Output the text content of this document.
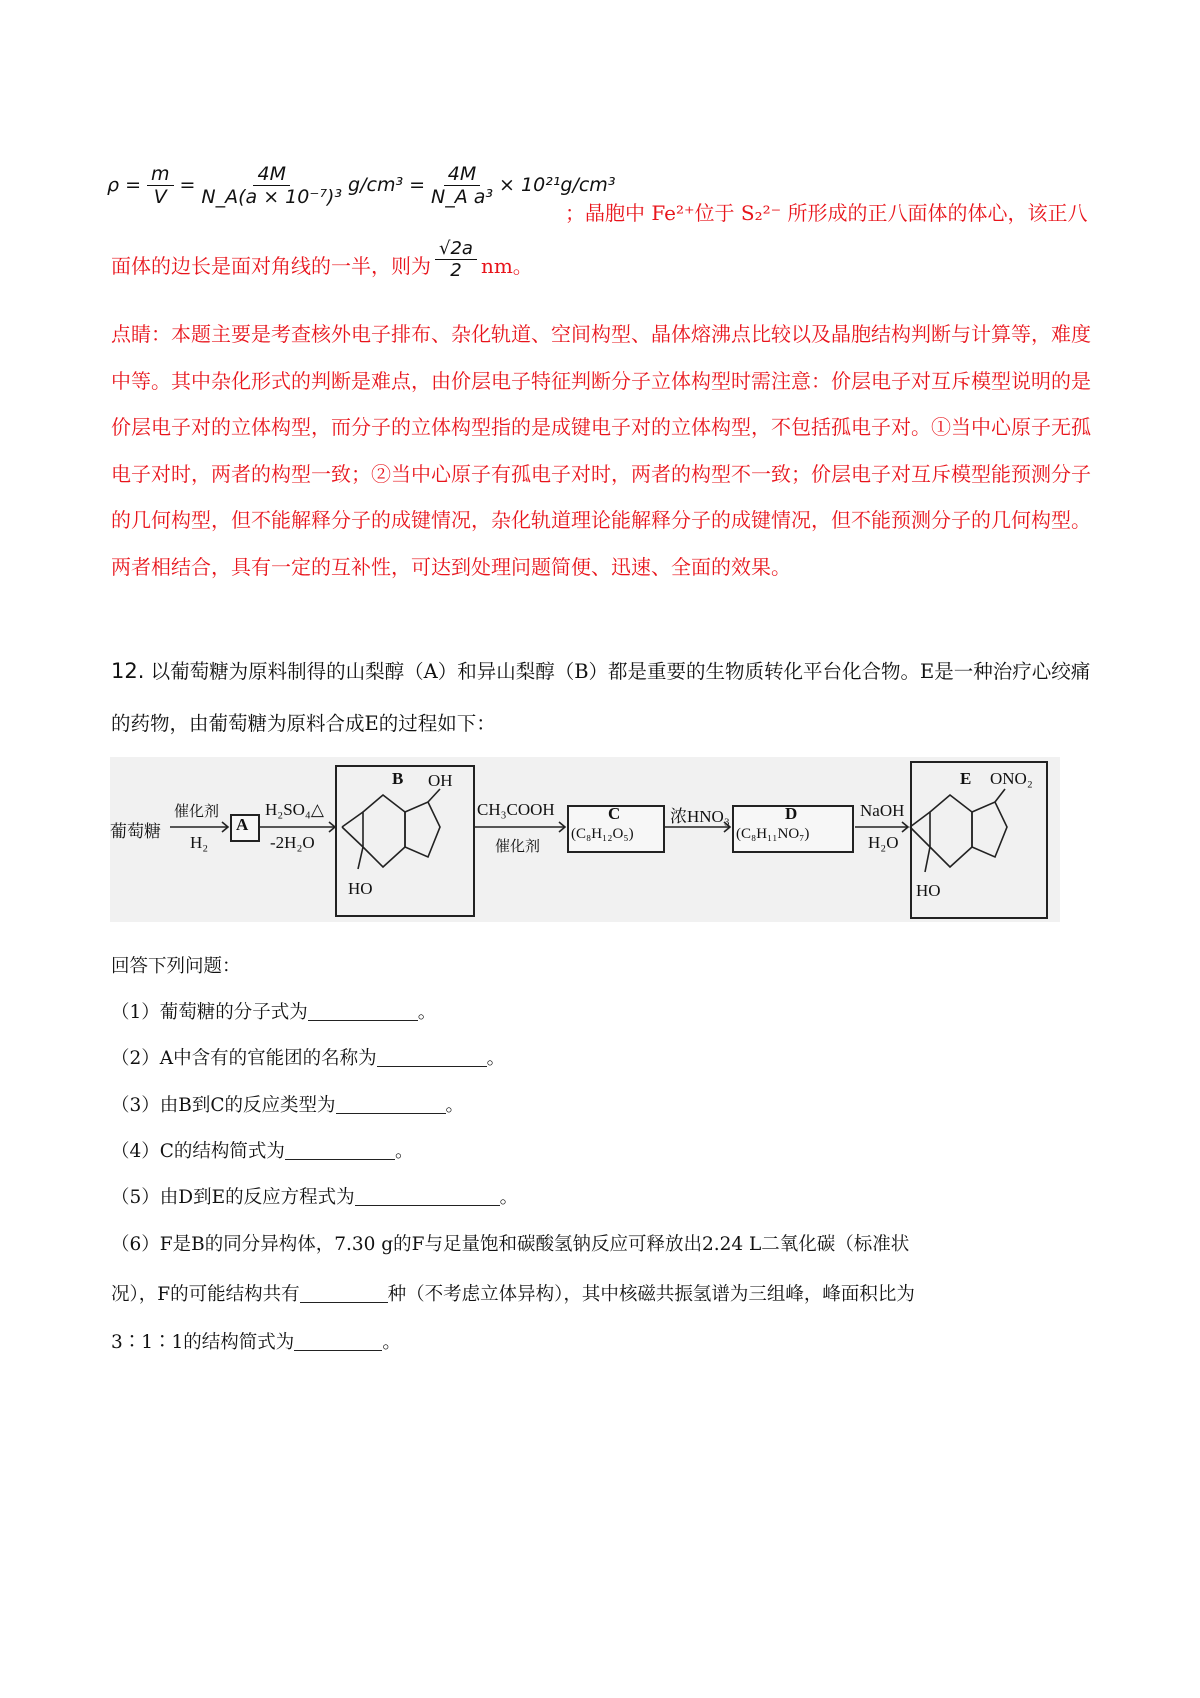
$\rho = \frac{m}{V} = \frac{4M}{\text{N\_A(a × 10⁻⁷)³}} g/cm^3 = \frac{4M}{\text{N\_A a³}} \times 10^{21}g/cm^3$
；晶胞中 Fe²⁺位于 S₂²⁻ 所形成的正八面体的体心，该正八
面体的边长是面对角线的一半，则为 $\frac{√2a}{2}$ nm。
点睛：本题主要是考查核外电子排布、杂化轨道、空间构型、晶体熔沸点比较以及晶胞结构判断与计算等，难度中等。其中杂化形式的判断是难点，由价层电子特征判断分子立体构型时需注意：价层电子对互斥模型说明的是价层电子对的立体构型，而分子的立体构型指的是成键电子对的立体构型，不包括孤电子对。①当中心原子无孤电子对时，两者的构型一致；②当中心原子有孤电子对时，两者的构型不一致；价层电子对互斥模型能预测分子的几何构型，但不能解释分子的成键情况，杂化轨道理论能解释分子的成键情况，但不能预测分子的几何构型。两者相结合，具有一定的互补性，可达到处理问题简便、迅速、全面的效果。
12. 以葡萄糖为原料制得的山梨醇（A）和异山梨醇（B）都是重要的生物质转化平台化合物。E是一种治疗心绞痛的药物，由葡萄糖为原料合成E的过程如下：
葡萄糖
催化剂
H₂
A
H₂SO₄△
-2H₂O
B OH
HO
CH₃COOH
催化剂
C
(C₈H₁₂O₅)
浓HNO₃	D
(C₈H₁₁NO₇)
NaOH
H₂O
E ONO₂
HO
回答下列问题：
（1）葡萄糖的分子式为	。
（2）A中含有的官能团的名称为	。
（3）由B到C的反应类型为	。
（4）C的结构简式为	。
（5）由D到E的反应方程式为	。
（6）F是B的同分异构体，7.30 g的F与足量饱和碳酸氢钠反应可释放出2.24 L二氧化碳（标准状
况），F的可能结构共有	种（不考虑立体异构），其中核磁共振氢谱为三组峰，峰面积比为
3∶1∶1的结构简式为	。
